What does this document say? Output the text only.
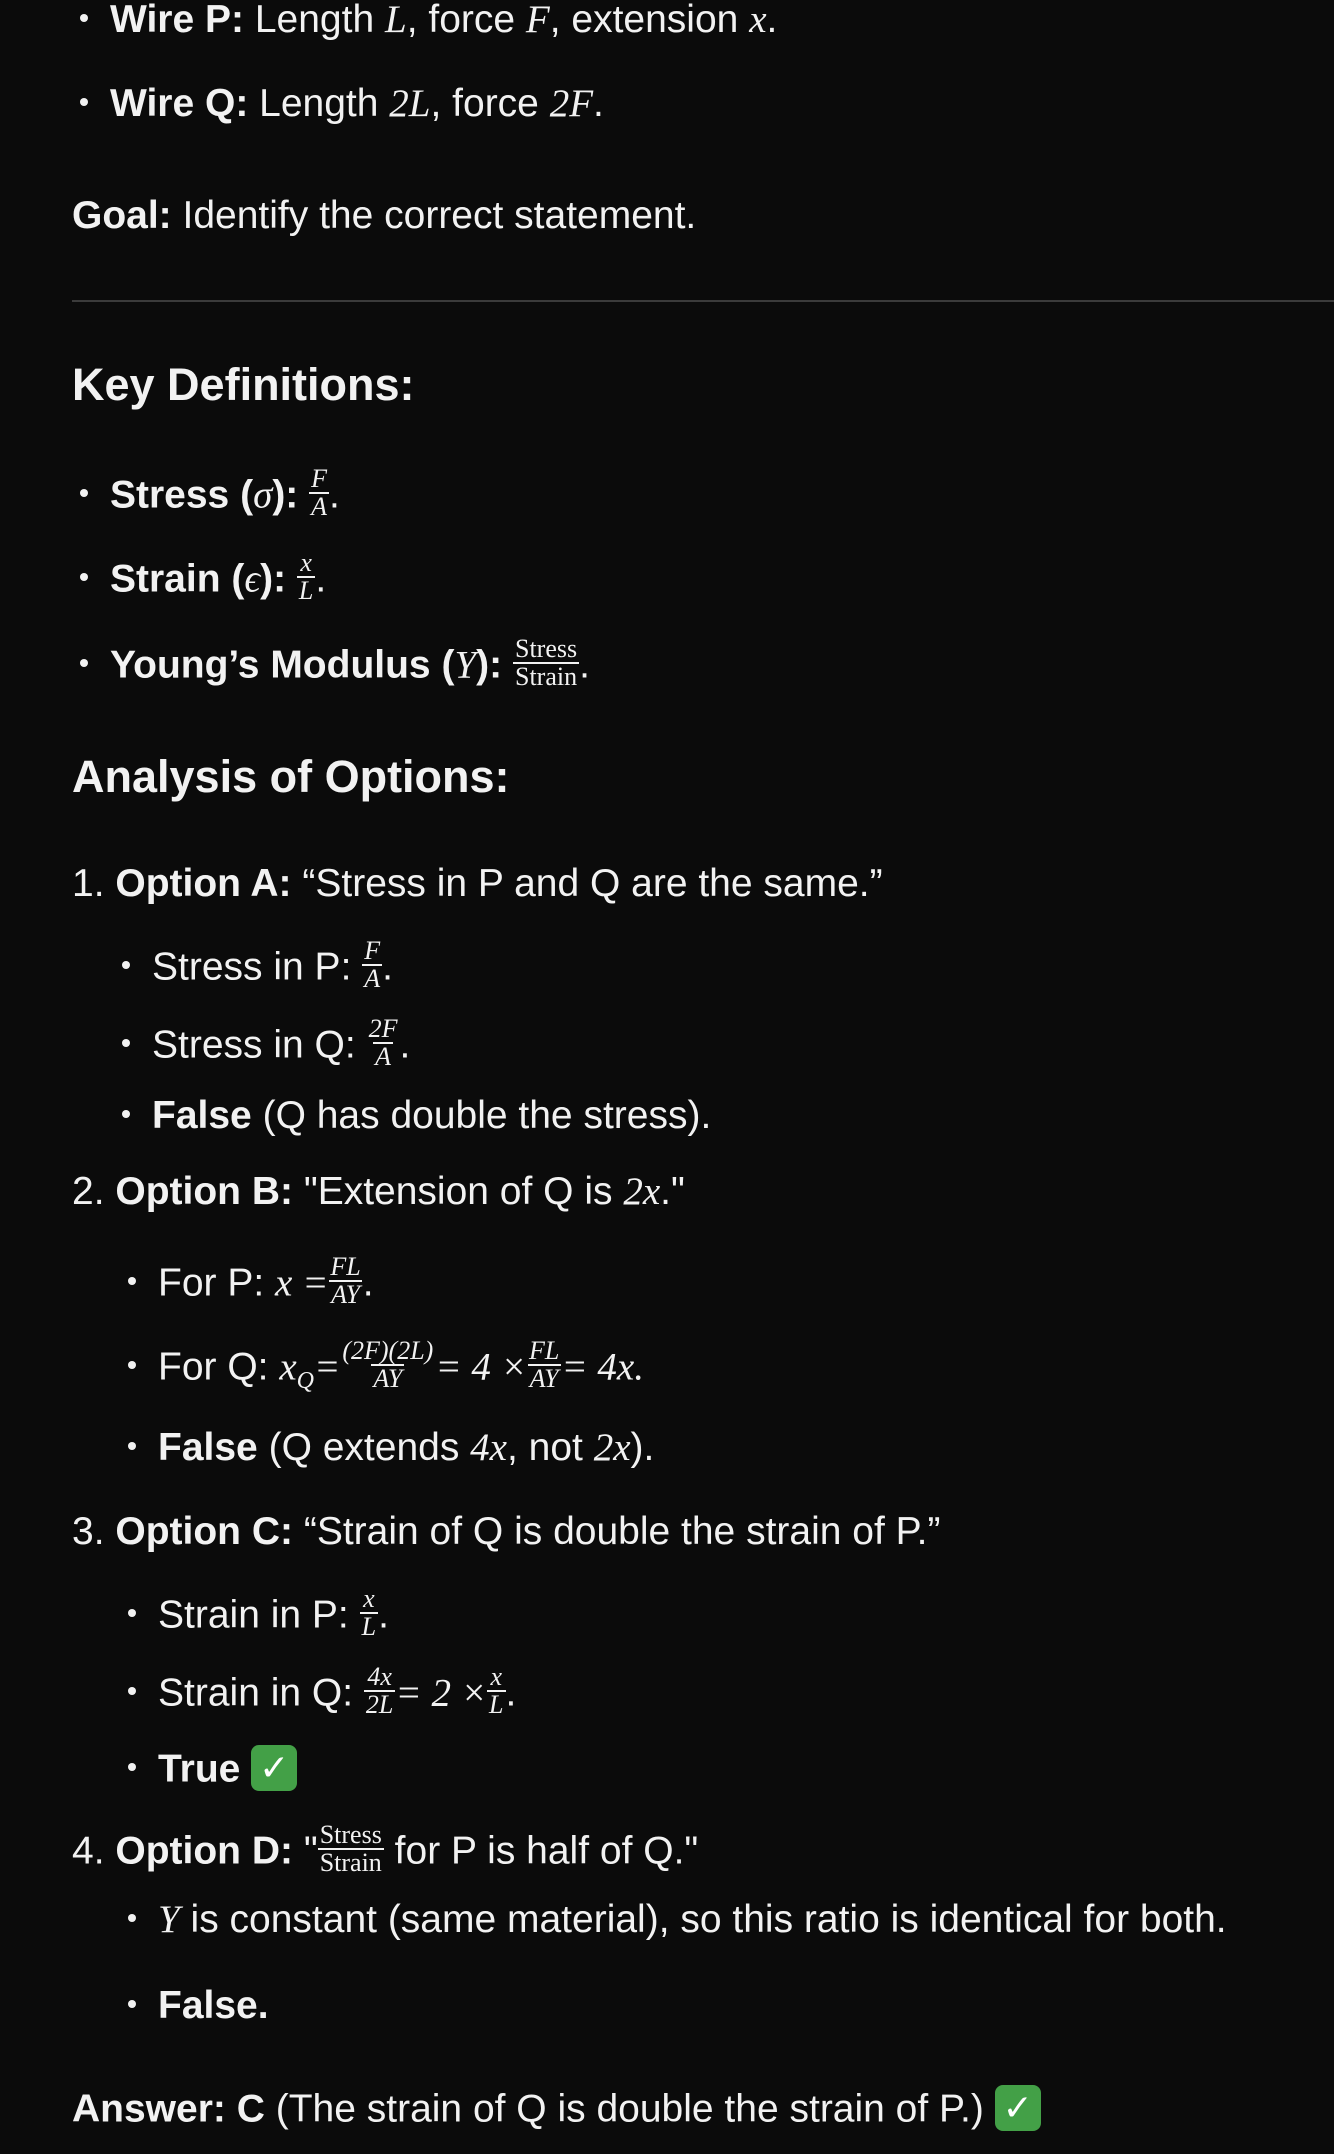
Wire P: Length L, force F, extension x.
Wire Q: Length 2L, force 2F.
Goal: Identify the correct statement.
Key Definitions:
Stress (σ): $\frac{F}{A}$ .
Strain (ϵ): $\frac{x}{L}$ .
Young’s Modulus (Y): $\frac{\text{Stress}}{\text{Strain}}$ .
Analysis of Options:
1. Option A: “Stress in P and Q are the same.”
Stress in P: $\frac{F}{A}$ .
Stress in Q: $\frac{2F}{A}$ .
False (Q has double the stress).
2. Option B: "Extension of Q is 2x."
For P: $x = \frac{FL}{AY}$ .
For Q: $x_Q= \frac{(2F)(2L)}{AY} = 4 \times \frac{FL}{AY} = 4x$.
False (Q extends 4x, not 2x).
3. Option C: “Strain of Q is double the strain of P.”
Strain in P: $\frac{x}{L}$ .
Strain in Q: $\frac{4x}{2L} = 2 \times \frac{x}{L}$ .
True ✓
4. Option D: " $\frac{\text{Stress}}{\text{Strain}}$ for P is half of Q."
Y is constant (same material), so this ratio is identical for both.
False.
Answer: C (The strain of Q is double the strain of P.) ✓
